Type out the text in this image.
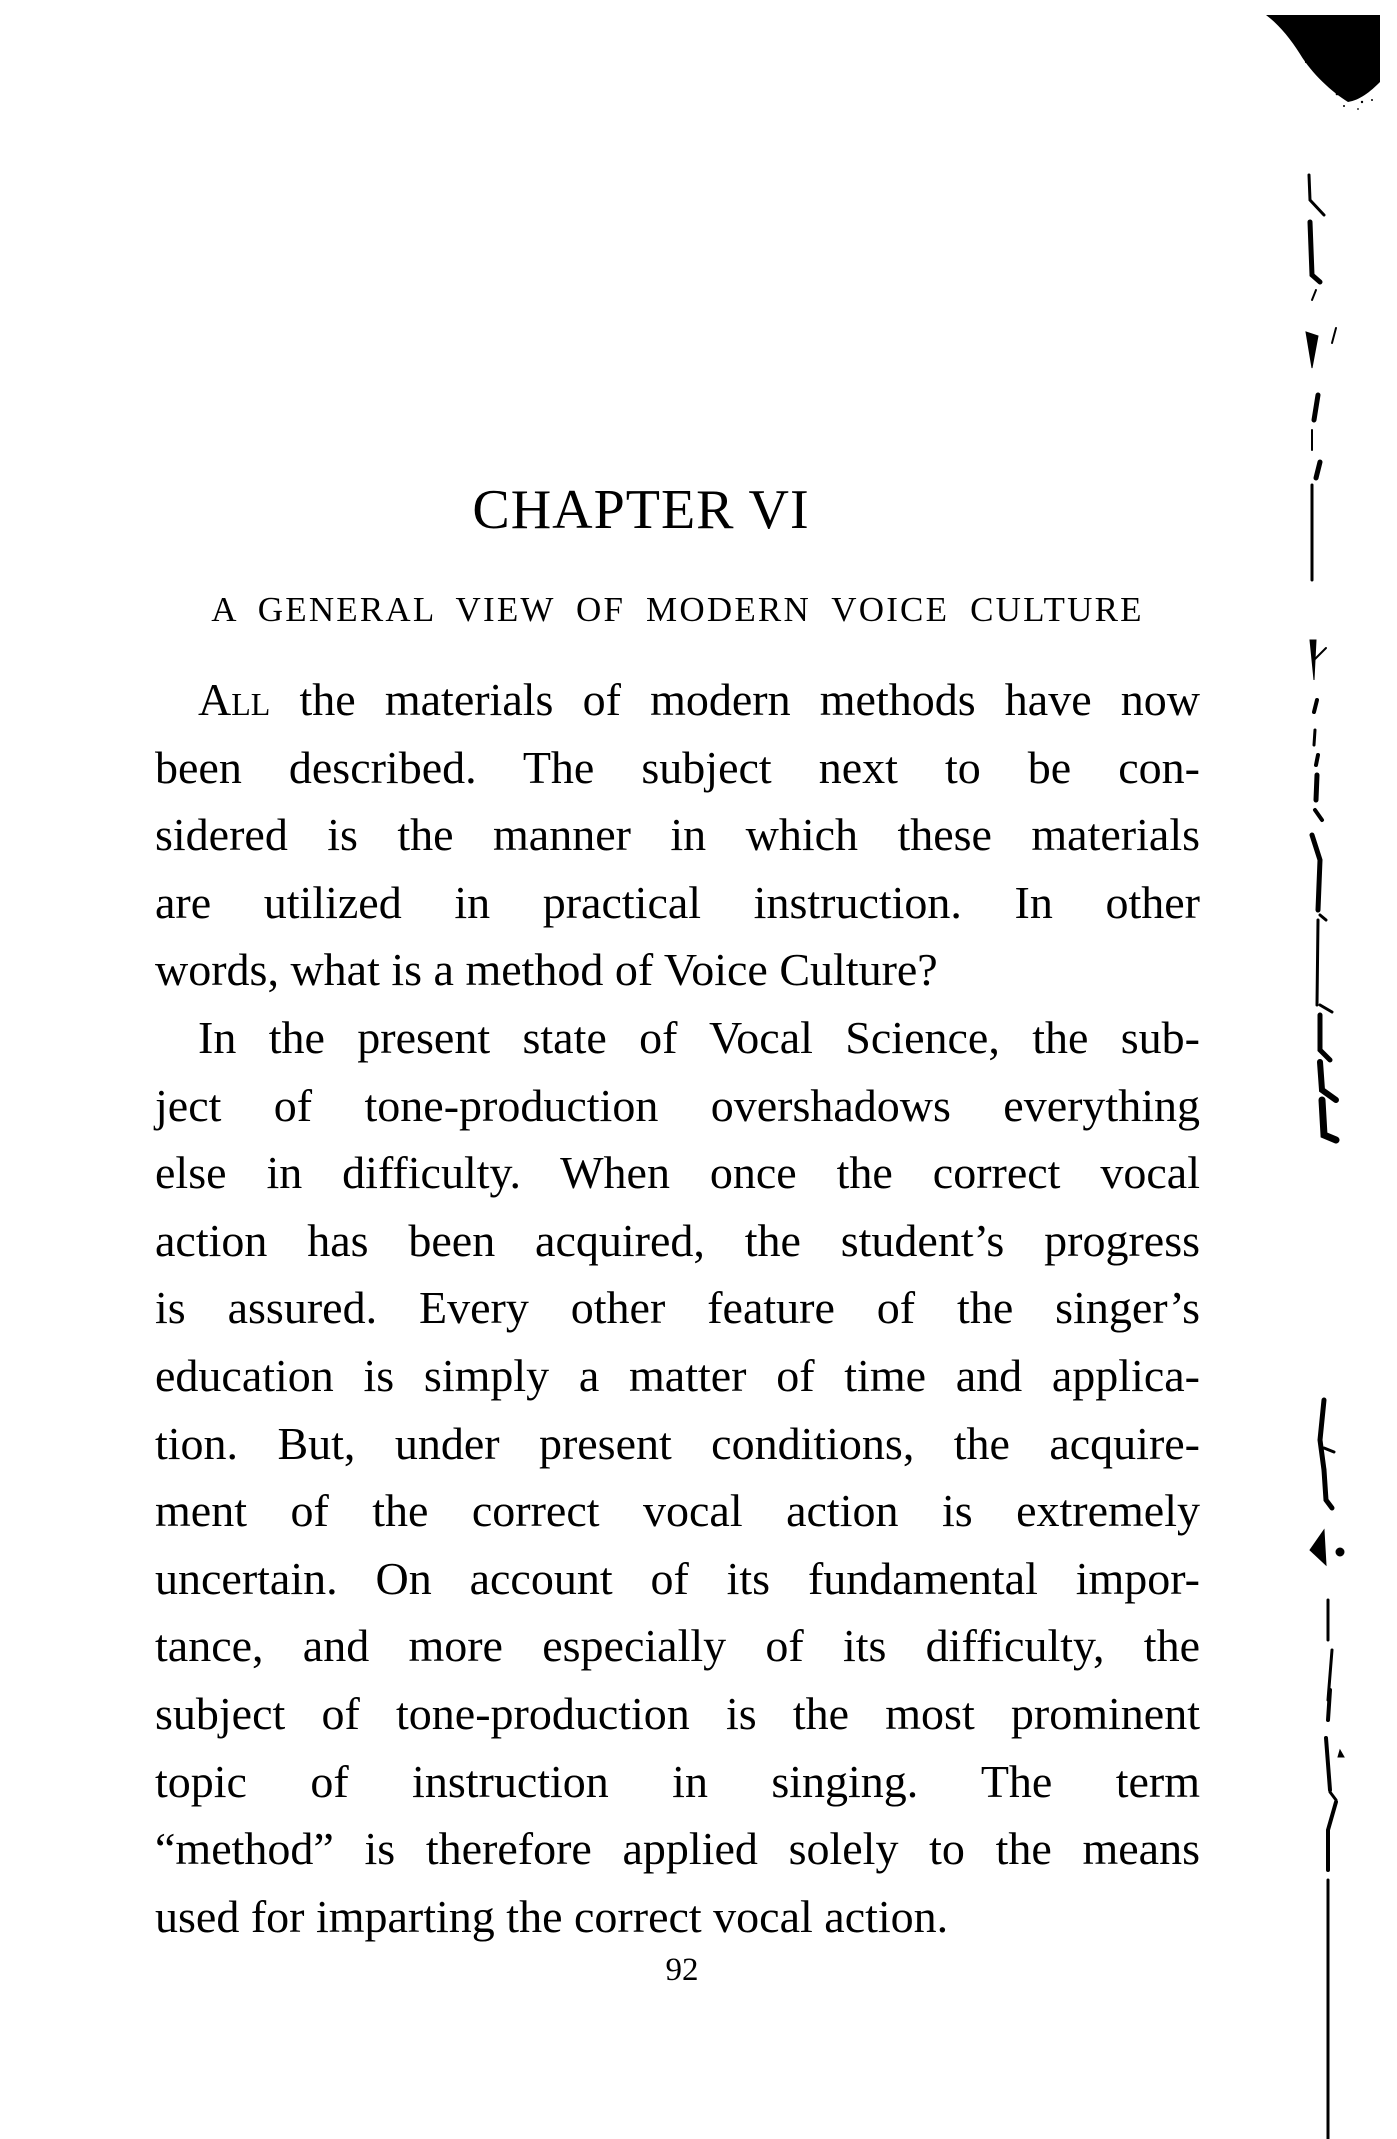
CHAPTER VI
A GENERAL VIEW OF MODERN VOICE CULTURE
All the materials of modern methods have now
been described. The subject next to be con-
sidered is the manner in which these materials
are utilized in practical instruction. In other
words, what is a method of Voice Culture?
In the present state of Vocal Science, the sub-
ject of tone-production overshadows everything
else in difficulty. When once the correct vocal
action has been acquired, the student’s progress
is assured. Every other feature of the singer’s
education is simply a matter of time and applica-
tion. But, under present conditions, the acquire-
ment of the correct vocal action is extremely
uncertain. On account of its fundamental impor-
tance, and more especially of its difficulty, the
subject of tone-production is the most prominent
topic of instruction in singing. The term
“method” is therefore applied solely to the means
used for imparting the correct vocal action.
92
